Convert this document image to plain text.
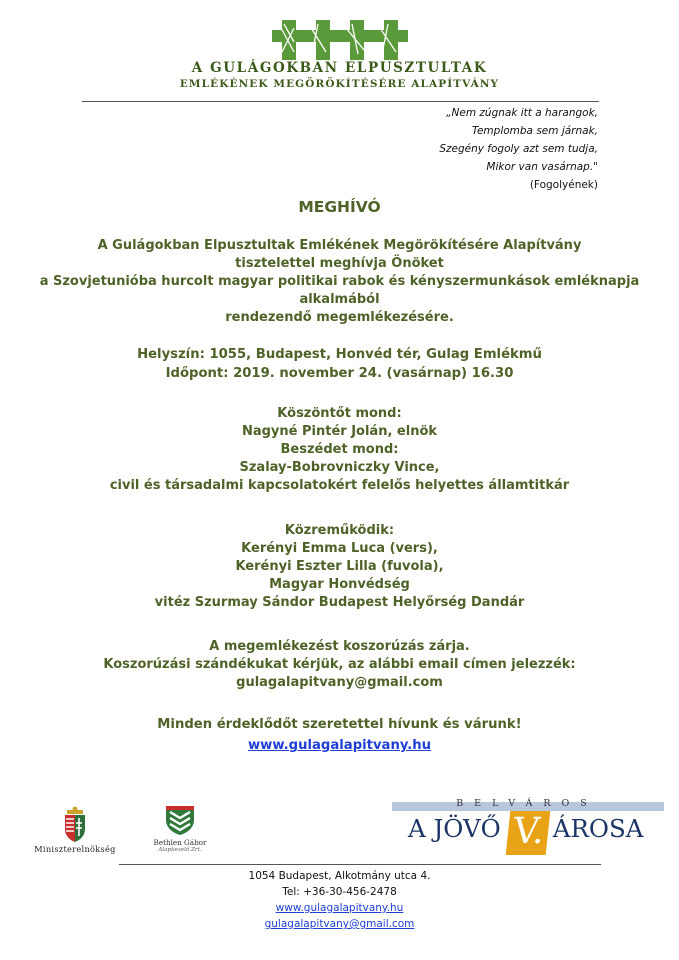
A GULÁGOKBAN ELPUSZTULTAK
EMLÉKÉNEK MEGÖRÖKÍTÉSÉRE ALAPÍTVÁNY
„Nem zúgnak itt a harangok,
Templomba sem járnak,
Szegény fogoly azt sem tudja,
Mikor van vasárnap."
(Fogolyének)
MEGHÍVÓ
A Gulágokban Elpusztultak Emlékének Megörökítésére Alapítvány
tisztelettel meghívja Önöket
a Szovjetunióba hurcolt magyar politikai rabok és kényszermunkások emléknapja
alkalmából
rendezendő megemlékezésére.
Helyszín: 1055, Budapest, Honvéd tér, Gulag Emlékmű
Időpont: 2019. november 24. (vasárnap) 16.30
Köszöntőt mond:
Nagyné Pintér Jolán, elnök
Beszédet mond:
Szalay-Bobrovniczky Vince,
civil és társadalmi kapcsolatokért felelős helyettes államtitkár
Közreműködik:
Kerényi Emma Luca (vers),
Kerényi Eszter Lilla (fuvola),
Magyar Honvédség
vitéz Szurmay Sándor Budapest Helyőrség Dandár
A megemlékezést koszorúzás zárja.
Koszorúzási szándékukat kérjük, az alábbi email címen jelezzék:
gulagalapitvany@gmail.com
Minden érdeklődőt szeretettel hívunk és várunk!
www.gulagalapitvany.hu
Miniszterelnökség
Bethlen Gábor
Alapkezelő Zrt.
BELVÁROS
V.
A JÖVŐ ÁROSA
1054 Budapest, Alkotmány utca 4.
Tel: +36-30-456-2478
www.gulagalapitvany.hu
gulagalapitvany@gmail.com
